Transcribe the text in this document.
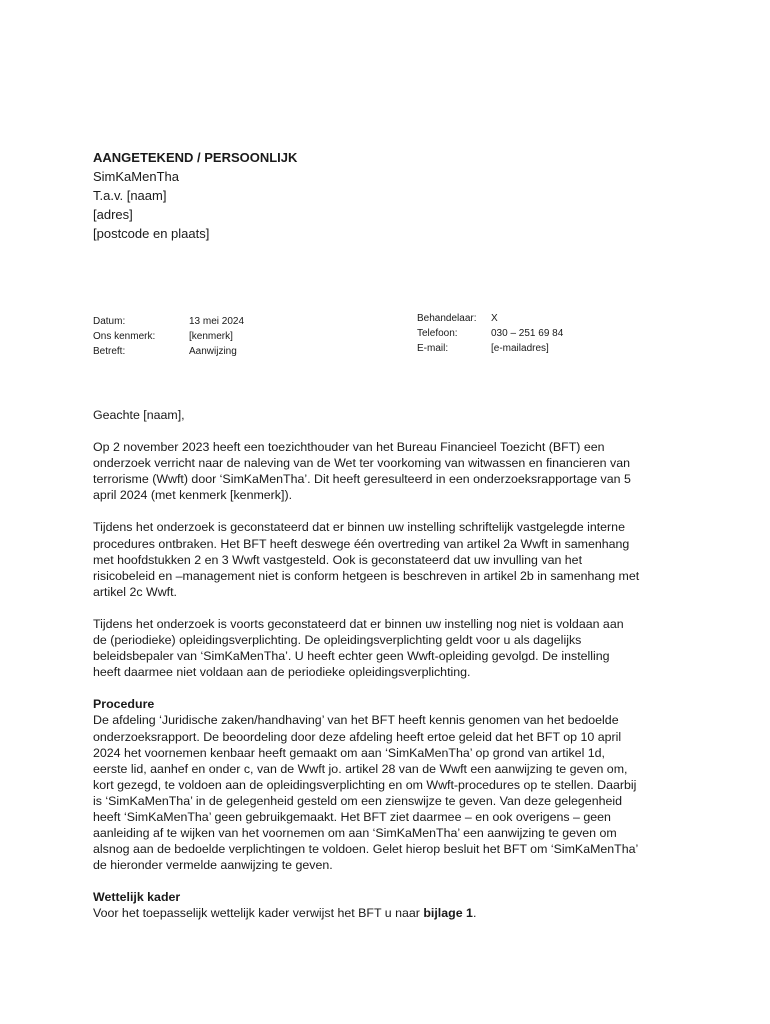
AANGETEKEND / PERSOONLIJK
SimKaMenTha
T.a.v. [naam]
[adres]
[postcode en plaats]
Datum:	13 mei 2024
Ons kenmerk:	[kenmerk]
Betreft:	Aanwijzing
Behandelaar:	X
Telefoon:	030 – 251 69 84
E-mail:	[e-mailadres]

Geachte [naam],

Op 2 november 2023 heeft een toezichthouder van het Bureau Financieel Toezicht (BFT) een
onderzoek verricht naar de naleving van de Wet ter voorkoming van witwassen en financieren van
terrorisme (Wwft) door ‘SimKaMenTha’. Dit heeft geresulteerd in een onderzoeksrapportage van 5
april 2024 (met kenmerk [kenmerk]).

Tijdens het onderzoek is geconstateerd dat er binnen uw instelling schriftelijk vastgelegde interne
procedures ontbraken. Het BFT heeft deswege één overtreding van artikel 2a Wwft in samenhang
met hoofdstukken 2 en 3 Wwft vastgesteld. Ook is geconstateerd dat uw invulling van het
risicobeleid en –management niet is conform hetgeen is beschreven in artikel 2b in samenhang met
artikel 2c Wwft.

Tijdens het onderzoek is voorts geconstateerd dat er binnen uw instelling nog niet is voldaan aan
de (periodieke) opleidingsverplichting. De opleidingsverplichting geldt voor u als dagelijks
beleidsbepaler van ‘SimKaMenTha’. U heeft echter geen Wwft-opleiding gevolgd. De instelling
heeft daarmee niet voldaan aan de periodieke opleidingsverplichting.

Procedure

De afdeling ‘Juridische zaken/handhaving’ van het BFT heeft kennis genomen van het bedoelde
onderzoeksrapport. De beoordeling door deze afdeling heeft ertoe geleid dat het BFT op 10 april
2024 het voornemen kenbaar heeft gemaakt om aan ‘SimKaMenTha’ op grond van artikel 1d,
eerste lid, aanhef en onder c, van de Wwft jo. artikel 28 van de Wwft een aanwijzing te geven om,
kort gezegd, te voldoen aan de opleidingsverplichting en om Wwft-procedures op te stellen. Daarbij
is ‘SimKaMenTha’ in de gelegenheid gesteld om een zienswijze te geven. Van deze gelegenheid
heeft ‘SimKaMenTha’ geen gebruikgemaakt. Het BFT ziet daarmee – en ook overigens – geen
aanleiding af te wijken van het voornemen om aan ‘SimKaMenTha’ een aanwijzing te geven om
alsnog aan de bedoelde verplichtingen te voldoen. Gelet hierop besluit het BFT om ‘SimKaMenTha’
de hieronder vermelde aanwijzing te geven.

Wettelijk kader

Voor het toepasselijk wettelijk kader verwijst het BFT u naar bijlage 1.
